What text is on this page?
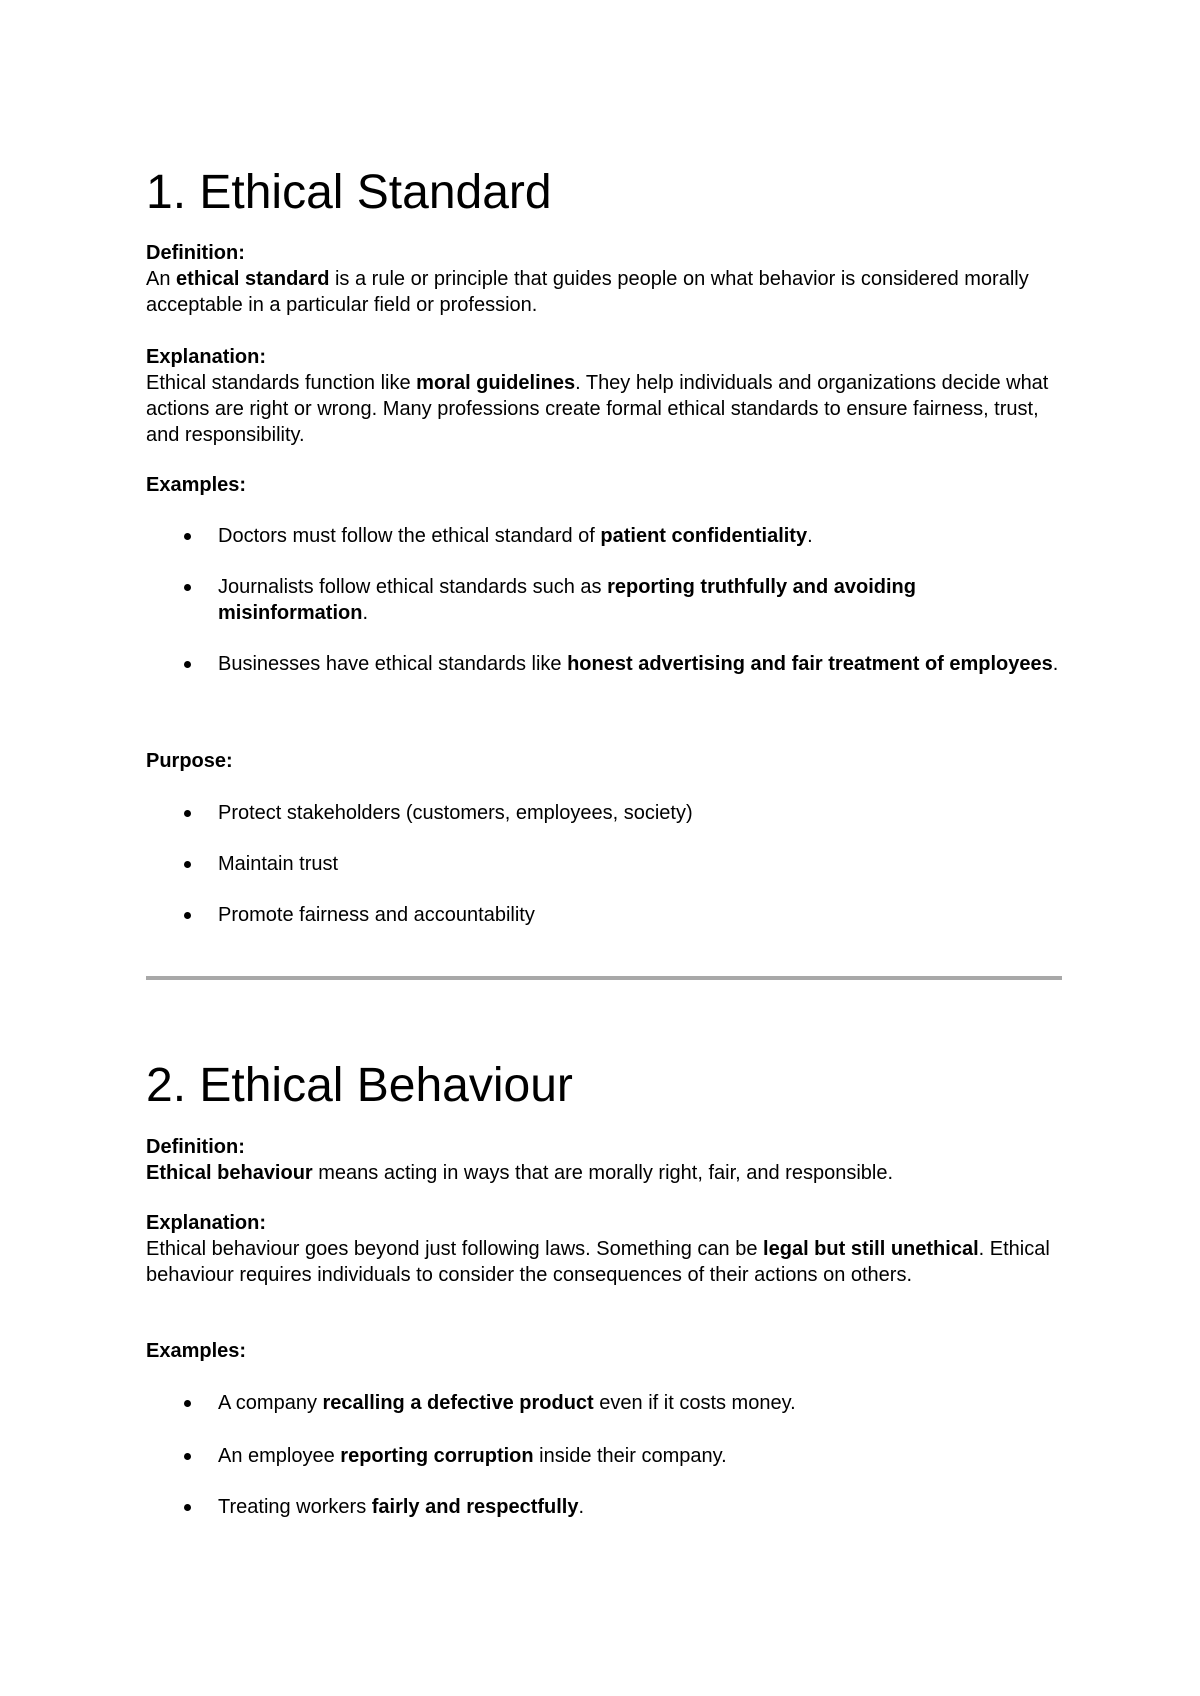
1. Ethical Standard
Definition:
An ethical standard is a rule or principle that guides people on what behavior is considered morally acceptable in a particular field or profession.
Explanation:
Ethical standards function like moral guidelines. They help individuals and organizations decide what actions are right or wrong. Many professions create formal ethical standards to ensure fairness, trust, and responsibility.
Examples:
Doctors must follow the ethical standard of patient confidentiality.
Journalists follow ethical standards such as reporting truthfully and avoiding misinformation.
Businesses have ethical standards like honest advertising and fair treatment of employees.
Purpose:
Protect stakeholders (customers, employees, society)
Maintain trust
Promote fairness and accountability
2. Ethical Behaviour
Definition:
Ethical behaviour means acting in ways that are morally right, fair, and responsible.
Explanation:
Ethical behaviour goes beyond just following laws. Something can be legal but still unethical. Ethical behaviour requires individuals to consider the consequences of their actions on others.
Examples:
A company recalling a defective product even if it costs money.
An employee reporting corruption inside their company.
Treating workers fairly and respectfully.
